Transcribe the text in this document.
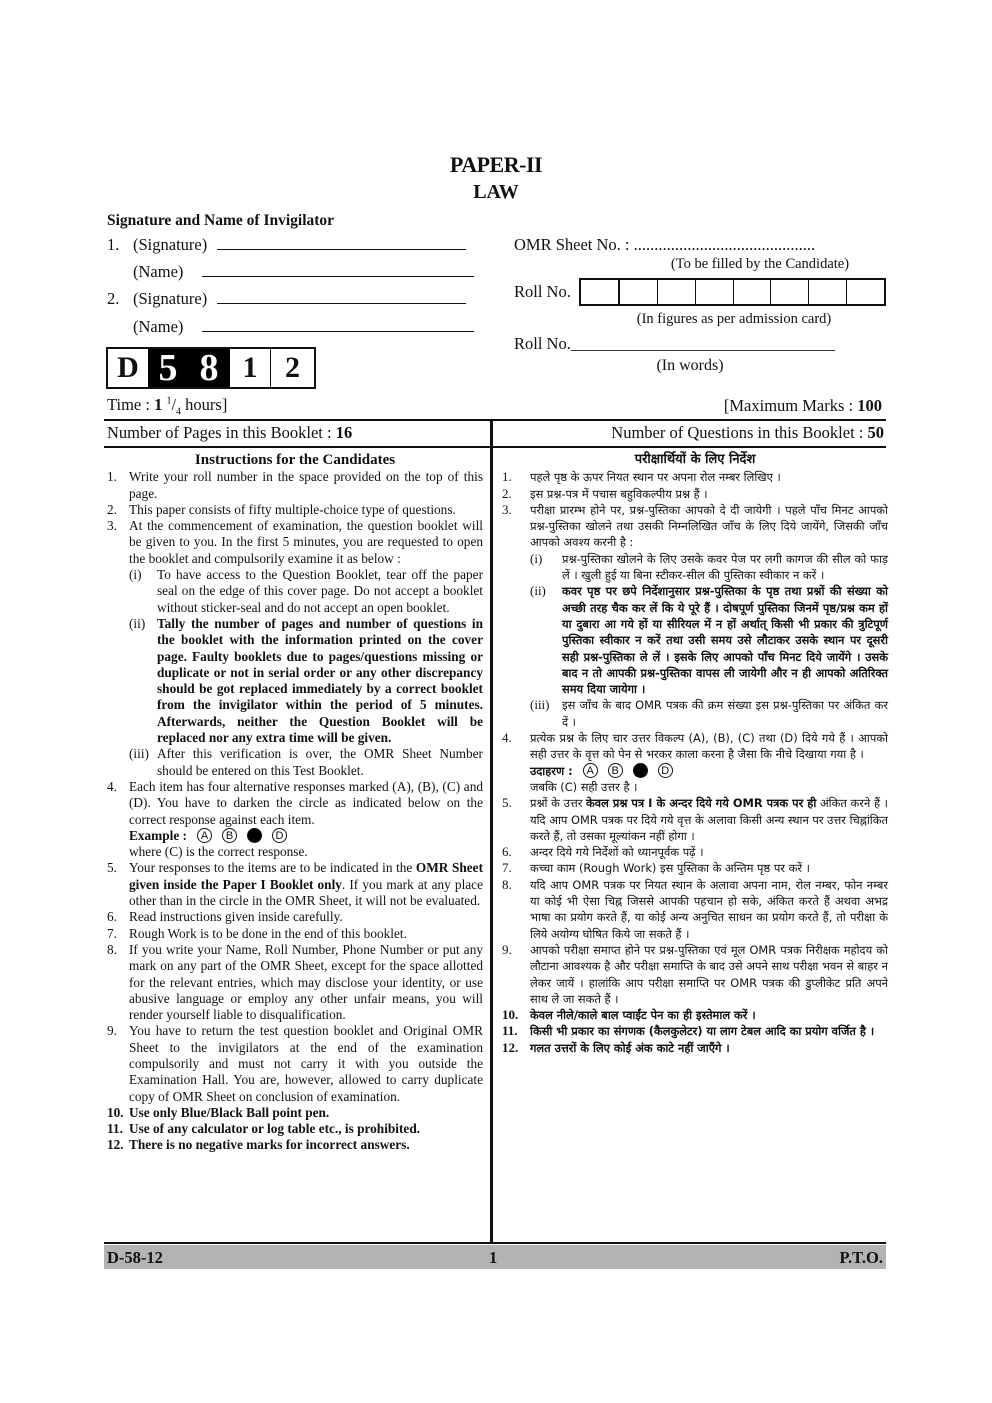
PAPER-II
LAW
Signature and Name of Invigilator
1. (Signature)
(Name)
2. (Signature)
(Name)
OMR Sheet No. : ............................................
(To be filled by the Candidate)
Roll No.
(In figures as per admission card)
Roll No.________________________________
(In words)
D 5 8 1 2
Time : 1 $^1/_4$ hours]	[Maximum Marks : 100
Number of Pages in this Booklet : 16	Number of Questions in this Booklet : 50
Instructions for the Candidates
1. Write your roll number in the space provided on the top of this page.
2. This paper consists of fifty multiple-choice type of questions.
3. At the commencement of examination, the question booklet will be given to you. In the first 5 minutes, you are requested to open the booklet and compulsorily examine it as below :
(i)	To have access to the Question Booklet, tear off the paper seal on the edge of this cover page. Do not accept a booklet without sticker-seal and do not accept an open booklet.
(ii) Tally the number of pages and number of questions in the booklet with the information printed on the cover page. Faulty booklets due to pages/questions missing or duplicate or not in serial order or any other discrepancy should be got replaced immediately by a correct booklet from the invigilator within the period of 5 minutes. Afterwards, neither the Question Booklet will be replaced nor any extra time will be given.
(iii) After this verification is over, the OMR Sheet Number should be entered on this Test Booklet.
4. Each item has four alternative responses marked (A), (B), (C) and (D). You have to darken the circle as indicated below on the correct response against each item.
Example :	A	B	D
where (C) is the correct response.
5. Your responses to the items are to be indicated in the OMR Sheet given inside the Paper I Booklet only. If you mark at any place other than in the circle in the OMR Sheet, it will not be evaluated.
6. Read instructions given inside carefully.
7. Rough Work is to be done in the end of this booklet.
8. If you write your Name, Roll Number, Phone Number or put any mark on any part of the OMR Sheet, except for the space allotted for the relevant entries, which may disclose your identity, or use abusive language or employ any other unfair means, you will render yourself liable to disqualification.
9. You have to return the test question booklet and Original OMR Sheet to the invigilators at the end of the examination compulsorily and must not carry it with you outside the Examination Hall. You are, however, allowed to carry duplicate copy of OMR Sheet on conclusion of examination.
10. Use only Blue/Black Ball point pen.
11. Use of any calculator or log table etc., is prohibited.
12. There is no negative marks for incorrect answers.
परीक्षार्थियों के लिए निर्देश
1.	पहले पृष्ठ के ऊपर नियत स्थान पर अपना रोल नम्बर लिखिए ।
2.	इस प्रश्न-पत्र में पचास बहुविकल्पीय प्रश्न हैं ।
3.	परीक्षा प्रारम्भ होने पर, प्रश्न-पुस्तिका आपको दे दी जायेगी । पहले पाँच मिनट आपको प्रश्न-पुस्तिका खोलने तथा उसकी निम्नलिखित जाँच के लिए दिये जायेंगे, जिसकी जाँच आपको अवश्य करनी है :
(i)	प्रश्न-पुस्तिका खोलने के लिए उसके कवर पेज पर लगी कागज की सील को फाड़ लें । खुली हुई या बिना स्टीकर-सील की पुस्तिका स्वीकार न करें ।
(ii)	कवर पृष्ठ पर छपे निर्देशानुसार प्रश्न-पुस्तिका के पृष्ठ तथा प्रश्नों की संख्या को अच्छी तरह चैक कर लें कि ये पूरे हैं । दोषपूर्ण पुस्तिका जिनमें पृष्ठ/प्रश्न कम हों या दुबारा आ गये हों या सीरियल में न हों अर्थात् किसी भी प्रकार की त्रुटिपूर्ण पुस्तिका स्वीकार न करें तथा उसी समय उसे लौटाकर उसके स्थान पर दूसरी सही प्रश्न-पुस्तिका ले लें । इसके लिए आपको पाँच मिनट दिये जायेंगे । उसके बाद न तो आपकी प्रश्न-पुस्तिका वापस ली जायेगी और न ही आपको अतिरिक्त समय दिया जायेगा ।
(iii)	इस जाँच के बाद OMR पत्रक की क्रम संख्या इस प्रश्न-पुस्तिका पर अंकित कर दें ।
4.	प्रत्येक प्रश्न के लिए चार उत्तर विकल्प (A), (B), (C) तथा (D) दिये गये हैं । आपको सही उत्तर के वृत्त को पेन से भरकर काला करना है जैसा कि नीचे दिखाया गया है ।
उदाहरण :	A	B	D
जबकि (C) सही उत्तर है ।
5.	प्रश्नों के उत्तर केवल प्रश्न पत्र I के अन्दर दिये गये OMR पत्रक पर ही अंकित करने हैं । यदि आप OMR पत्रक पर दिये गये वृत्त के अलावा किसी अन्य स्थान पर उत्तर चिह्नांकित करते हैं, तो उसका मूल्यांकन नहीं होगा ।
6.	अन्दर दिये गये निर्देशों को ध्यानपूर्वक पढ़ें ।
7.	कच्चा काम (Rough Work) इस पुस्तिका के अन्तिम पृष्ठ पर करें ।
8.	यदि आप OMR पत्रक पर नियत स्थान के अलावा अपना नाम, रोल नम्बर, फोन नम्बर या कोई भी ऐसा चिह्न जिससे आपकी पहचान हो सके, अंकित करते हैं अथवा अभद्र भाषा का प्रयोग करते हैं, या कोई अन्य अनुचित साधन का प्रयोग करते हैं, तो परीक्षा के लिये अयोग्य घोषित किये जा सकते हैं ।
9.	आपको परीक्षा समाप्त होने पर प्रश्न-पुस्तिका एवं मूल OMR पत्रक निरीक्षक महोदय को लौटाना आवश्यक है और परीक्षा समाप्ति के बाद उसे अपने साथ परीक्षा भवन से बाहर न लेकर जायें । हालांकि आप परीक्षा समाप्ति पर OMR पत्रक की डुप्लीकेट प्रति अपने साथ ले जा सकते हैं ।
10.	केवल नीले/काले बाल प्वाईंट पेन का ही इस्तेमाल करें ।
11.	किसी भी प्रकार का संगणक (कैलकुलेटर) या लाग टेबल आदि का प्रयोग वर्जित है ।
12.	गलत उत्तरों के लिए कोई अंक काटे नहीं जाएँगे ।
D-58-12	1	P.T.O.
